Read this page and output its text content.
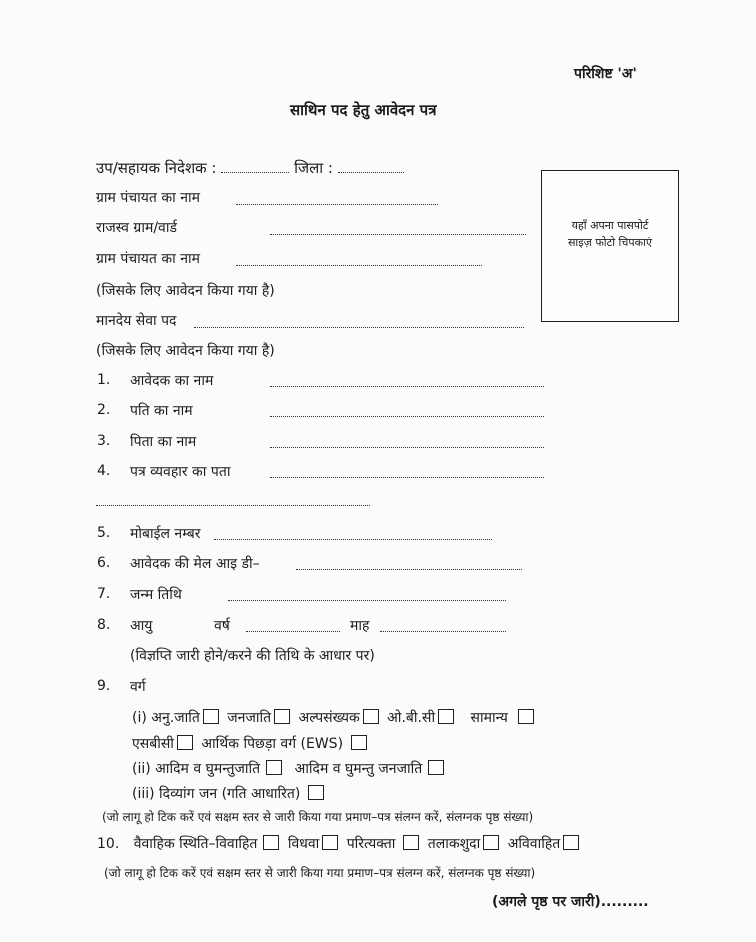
परिशिष्ट 'अ'
साथिन पद हेतु आवेदन पत्र
उप/सहायक निदेशक :	जिला :
ग्राम पंचायत का नाम
राजस्व ग्राम/वार्ड
ग्राम पंचायत का नाम
(जिसके लिए आवेदन किया गया है)
मानदेय सेवा पद
(जिसके लिए आवेदन किया गया है)
यहाँ अपना पासपोर्ट
साइज़ फोटो चिपकाएं
1. आवेदक का नाम
2. पति का नाम
3. पिता का नाम
4. पत्र व्यवहार का पता
5. मोबाईल नम्बर
6. आवेदक की मेल आइ डी–
7. जन्म तिथि
8. आयु	वर्ष	माह
(विज्ञप्ति जारी होने/करने की तिथि के आधार पर)
9. वर्ग
(i) अनु.जाति जनजाति अल्पसंख्यक ओ.बी.सी	सामान्य
एसबीसी आर्थिक पिछड़ा वर्ग (EWS)
(ii) आदिम व घुमन्तुजाति आदिम व घुमन्तु जनजाति
(iii) दिव्यांग जन (गति आधारित)
(जो लागू हो टिक करें एवं सक्षम स्तर से जारी किया गया प्रमाण–पत्र संलग्न करें, संलग्नक पृष्ठ संख्या)
10. वैवाहिक स्थिति–विवाहित विधवा परित्यक्ता तलाकशुदा अविवाहित
(जो लागू हो टिक करें एवं सक्षम स्तर से जारी किया गया प्रमाण–पत्र संलग्न करें, संलग्नक पृष्ठ संख्या)
(अगले पृष्ठ पर जारी).........
